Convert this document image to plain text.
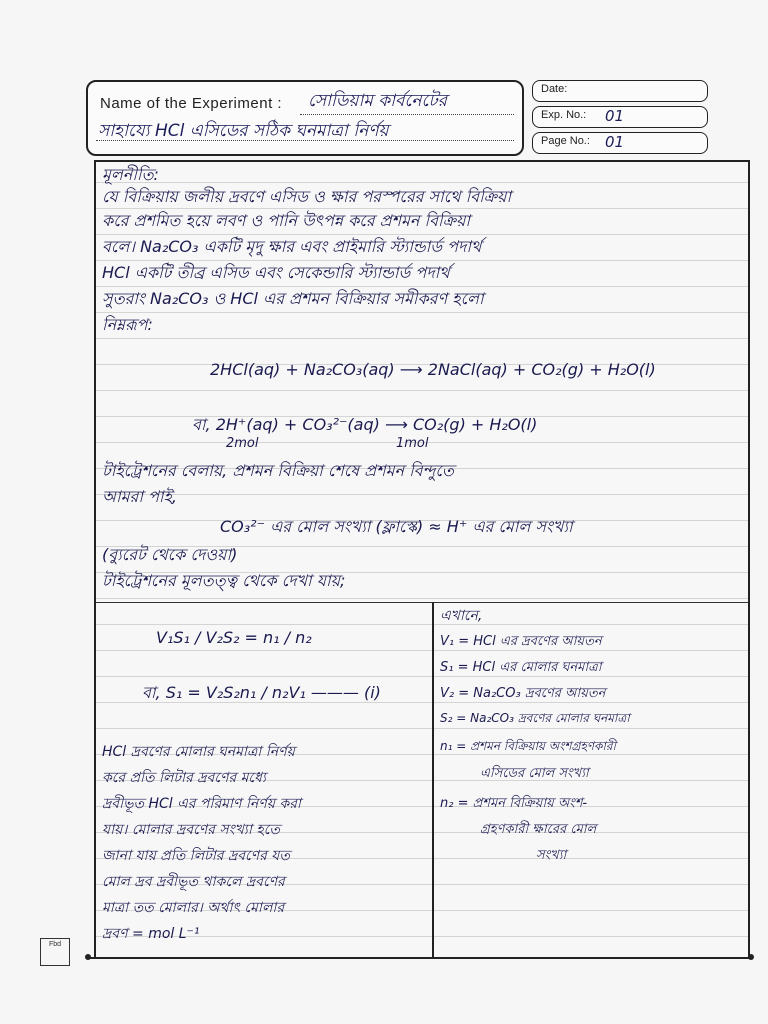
Name of the Experiment : সোডিয়াম কার্বনেটের
সাহায্যে HCl এসিডের সঠিক ঘনমাত্রা নির্ণয়
Date:
Exp. No.: 01
Page No.: 01
মূলনীতি:
যে বিক্রিয়ায় জলীয় দ্রবণে এসিড ও ক্ষার পরস্পরের সাথে বিক্রিয়া
করে প্রশমিত হয়ে লবণ ও পানি উৎপন্ন করে প্রশমন বিক্রিয়া
বলে। Na₂CO₃ একটি মৃদু ক্ষার এবং প্রাইমারি স্ট্যান্ডার্ড পদার্থ
HCl একটি তীব্র এসিড এবং সেকেন্ডারি স্ট্যান্ডার্ড পদার্থ
সুতরাং Na₂CO₃ ও HCl এর প্রশমন বিক্রিয়ার সমীকরণ হলো
নিম্নরূপ:
2HCl(aq) + Na₂CO₃(aq) ⟶ 2NaCl(aq) + CO₂(g) + H₂O(l)
বা, 2H⁺(aq) + CO₃²⁻(aq) ⟶ CO₂(g) + H₂O(l)
2mol	1mol
টাইট্রেশনের বেলায়, প্রশমন বিক্রিয়া শেষে প্রশমন বিন্দুতে
আমরা পাই,
CO₃²⁻ এর মোল সংখ্যা (ফ্লাস্কে) ≈ H⁺ এর মোল সংখ্যা
(ব্যুরেট থেকে দেওয়া)
টাইট্রেশনের মূলতত্ত্ব থেকে দেখা যায়;
V₁S₁ / V₂S₂ = n₁ / n₂
বা, S₁ = V₂S₂n₁ / n₂V₁ ——— (i)
HCl দ্রবণের মোলার ঘনমাত্রা নির্ণয়
করে প্রতি লিটার দ্রবণের মধ্যে
দ্রবীভূত HCl এর পরিমাণ নির্ণয় করা
যায়। মোলার দ্রবণের সংখ্যা হতে
জানা যায় প্রতি লিটার দ্রবণের যত
মোল দ্রব দ্রবীভূত থাকলে দ্রবণের
মাত্রা তত মোলার। অর্থাৎ মোলার
দ্রবণ = mol L⁻¹
এখানে,
V₁ = HCl এর দ্রবণের আয়তন
S₁ = HCl এর মোলার ঘনমাত্রা
V₂ = Na₂CO₃ দ্রবণের আয়তন
S₂ = Na₂CO₃ দ্রবণের মোলার ঘনমাত্রা
n₁ = প্রশমন বিক্রিয়ায় অংশগ্রহণকারী
এসিডের মোল সংখ্যা
n₂ = প্রশমন বিক্রিয়ায় অংশ-
গ্রহণকারী ক্ষারের মোল
সংখ্যা
Fbd
